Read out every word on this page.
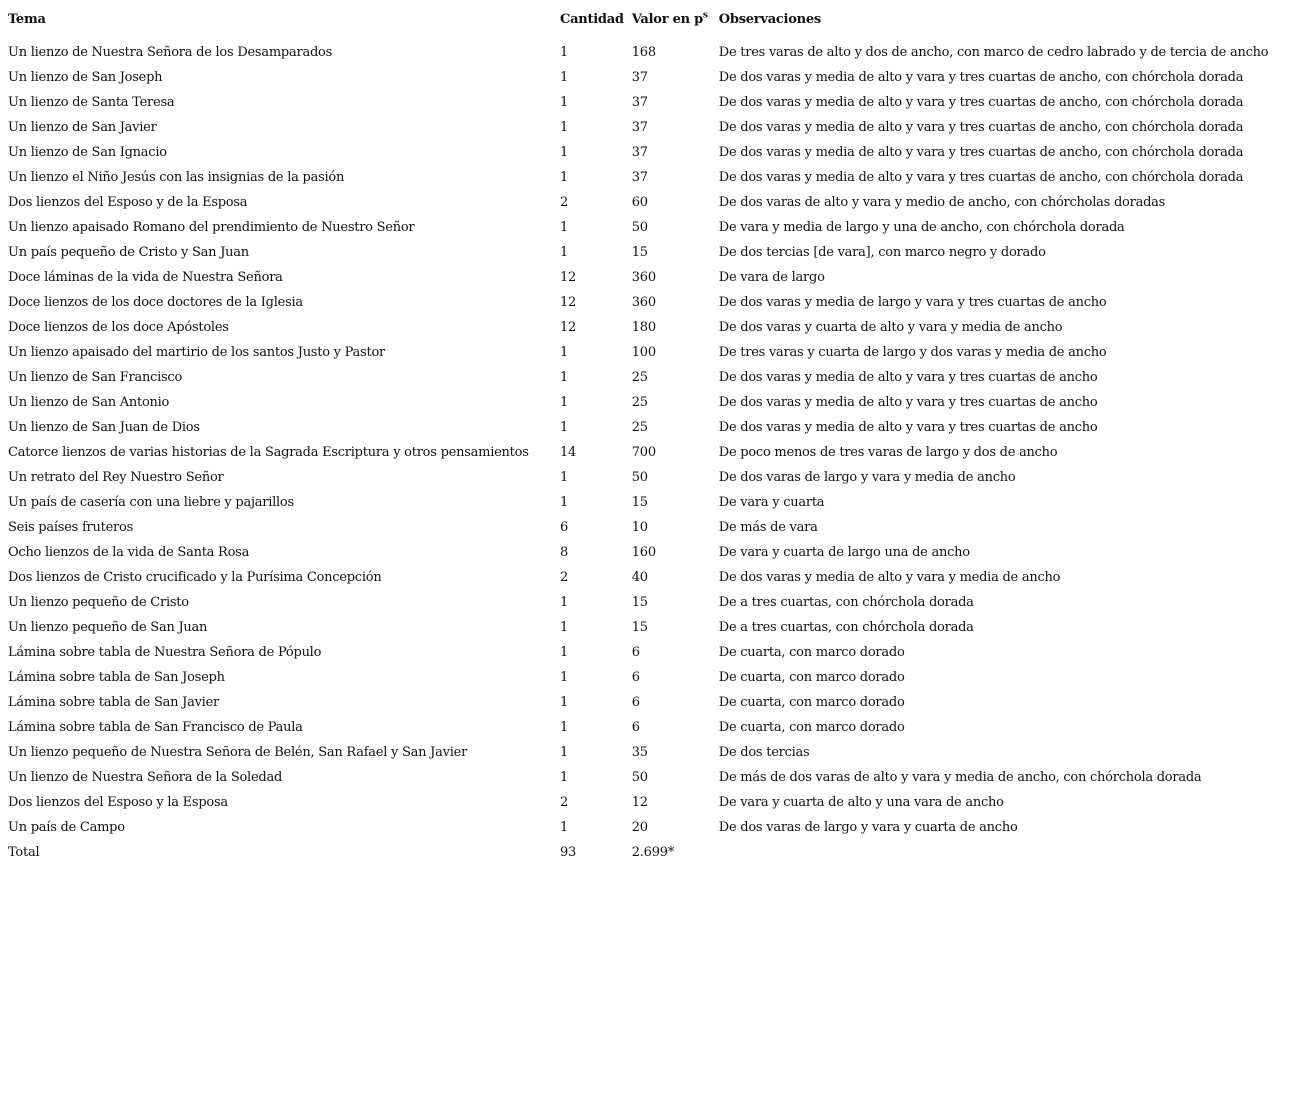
Tema	Cantidad	Valor en $p^s$	Observaciones
Un lienzo de Nuestra Señora de los Desamparados	1	168	De tres varas de alto y dos de ancho, con marco de cedro labrado y de tercia de ancho
Un lienzo de San Joseph	1	37	De dos varas y media de alto y vara y tres cuartas de ancho, con chórchola dorada
Un lienzo de Santa Teresa	1	37	De dos varas y media de alto y vara y tres cuartas de ancho, con chórchola dorada
Un lienzo de San Javier	1	37	De dos varas y media de alto y vara y tres cuartas de ancho, con chórchola dorada
Un lienzo de San Ignacio	1	37	De dos varas y media de alto y vara y tres cuartas de ancho, con chórchola dorada
Un lienzo el Niño Jesús con las insignias de la pasión	1	37	De dos varas y media de alto y vara y tres cuartas de ancho, con chórchola dorada
Dos lienzos del Esposo y de la Esposa	2	60	De dos varas de alto y vara y medio de ancho, con chórcholas doradas
Un lienzo apaisado Romano del prendimiento de Nuestro Señor	1	50	De vara y media de largo y una de ancho, con chórchola dorada
Un país pequeño de Cristo y San Juan	1	15	De dos tercias [de vara], con marco negro y dorado
Doce láminas de la vida de Nuestra Señora	12	360	De vara de largo
Doce lienzos de los doce doctores de la Iglesia	12	360	De dos varas y media de largo y vara y tres cuartas de ancho
Doce lienzos de los doce Apóstoles	12	180	De dos varas y cuarta de alto y vara y media de ancho
Un lienzo apaisado del martirio de los santos Justo y Pastor	1	100	De tres varas y cuarta de largo y dos varas y media de ancho
Un lienzo de San Francisco	1	25	De dos varas y media de alto y vara y tres cuartas de ancho
Un lienzo de San Antonio	1	25	De dos varas y media de alto y vara y tres cuartas de ancho
Un lienzo de San Juan de Dios	1	25	De dos varas y media de alto y vara y tres cuartas de ancho
Catorce lienzos de varias historias de la Sagrada Escriptura y otros pensamientos	14	700	De poco menos de tres varas de largo y dos de ancho
Un retrato del Rey Nuestro Señor	1	50	De dos varas de largo y vara y media de ancho
Un país de casería con una liebre y pajarillos	1	15	De vara y cuarta
Seis países fruteros	6	10	De más de vara
Ocho lienzos de la vida de Santa Rosa	8	160	De vara y cuarta de largo una de ancho
Dos lienzos de Cristo crucificado y la Purísima Concepción	2	40	De dos varas y media de alto y vara y media de ancho
Un lienzo pequeño de Cristo	1	15	De a tres cuartas, con chórchola dorada
Un lienzo pequeño de San Juan	1	15	De a tres cuartas, con chórchola dorada
Lámina sobre tabla de Nuestra Señora de Pópulo	1	6	De cuarta, con marco dorado
Lámina sobre tabla de San Joseph	1	6	De cuarta, con marco dorado
Lámina sobre tabla de San Javier	1	6	De cuarta, con marco dorado
Lámina sobre tabla de San Francisco de Paula	1	6	De cuarta, con marco dorado
Un lienzo pequeño de Nuestra Señora de Belén, San Rafael y San Javier	1	35	De dos tercias
Un lienzo de Nuestra Señora de la Soledad	1	50	De más de dos varas de alto y vara y media de ancho, con chórchola dorada
Dos lienzos del Esposo y la Esposa	2	12	De vara y cuarta de alto y una vara de ancho
Un país de Campo	1	20	De dos varas de largo y vara y cuarta de ancho
Total	93	2.699*	
